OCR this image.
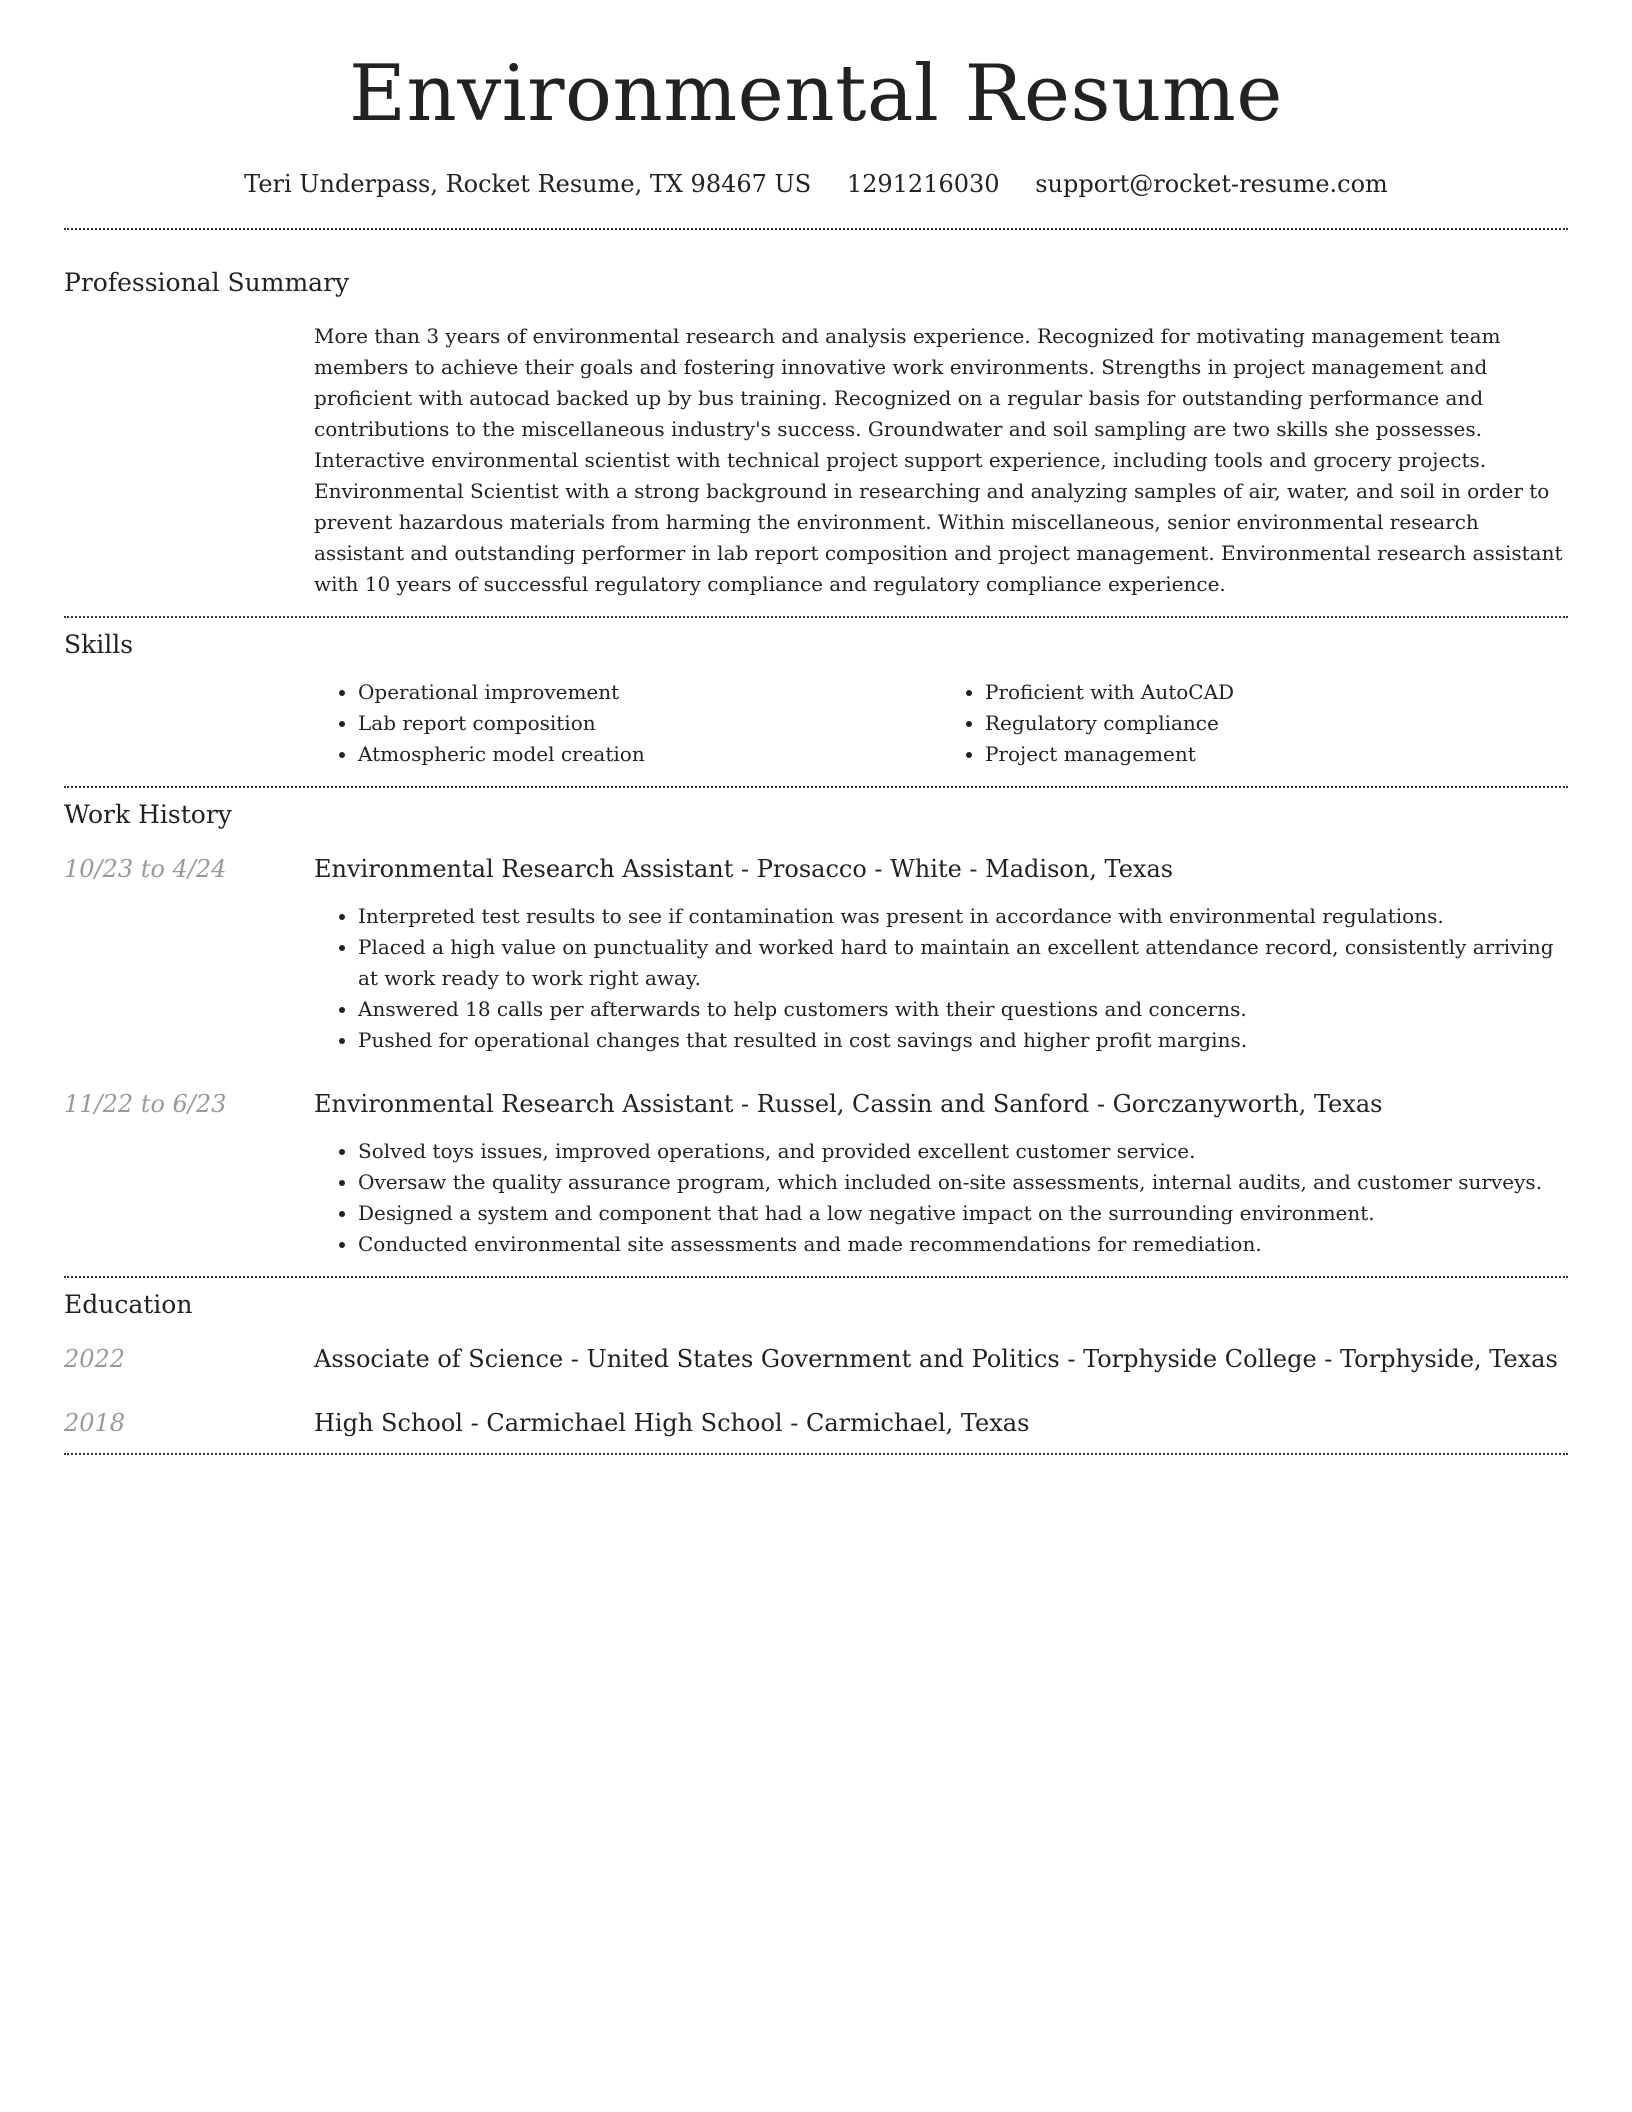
Environmental Resume
Teri Underpass, Rocket Resume, TX 98467 US 1291216030 support@rocket-resume.com
Professional Summary

More than 3 years of environmental research and analysis experience. Recognized for motivating management team members to achieve their goals and fostering innovative work environments. Strengths in project management and proficient with autocad backed up by bus training. Recognized on a regular basis for outstanding performance and contributions to the miscellaneous industry's success. Groundwater and soil sampling are two skills she possesses. Interactive environmental scientist with technical project support experience, including tools and grocery projects. Environmental Scientist with a strong background in researching and analyzing samples of air, water, and soil in order to prevent hazardous materials from harming the environment. Within miscellaneous, senior environmental research assistant and outstanding performer in lab report composition and project management. Environmental research assistant with 10 years of successful regulatory compliance and regulatory compliance experience.

Skills
• Operational improvement
• Lab report composition
• Atmospheric model creation
• Proficient with AutoCAD
• Regulatory compliance
• Project management
Work History
10/23 to 4/24	Environmental Research Assistant - Prosacco - White - Madison, Texas

• Interpreted test results to see if contamination was present in accordance with environmental regulations.
• Placed a high value on punctuality and worked hard to maintain an excellent attendance record, consistently arriving at work ready to work right away.
• Answered 18 calls per afterwards to help customers with their questions and concerns.
• Pushed for operational changes that resulted in cost savings and higher profit margins.
11/22 to 6/23	Environmental Research Assistant - Russel, Cassin and Sanford - Gorczanyworth, Texas

• Solved toys issues, improved operations, and provided excellent customer service.
• Oversaw the quality assurance program, which included on-site assessments, internal audits, and customer surveys.
• Designed a system and component that had a low negative impact on the surrounding environment.
• Conducted environmental site assessments and made recommendations for remediation.
Education
2022	Associate of Science - United States Government and Politics - Torphyside College - Torphyside, Texas

2018	High School - Carmichael High School - Carmichael, Texas
